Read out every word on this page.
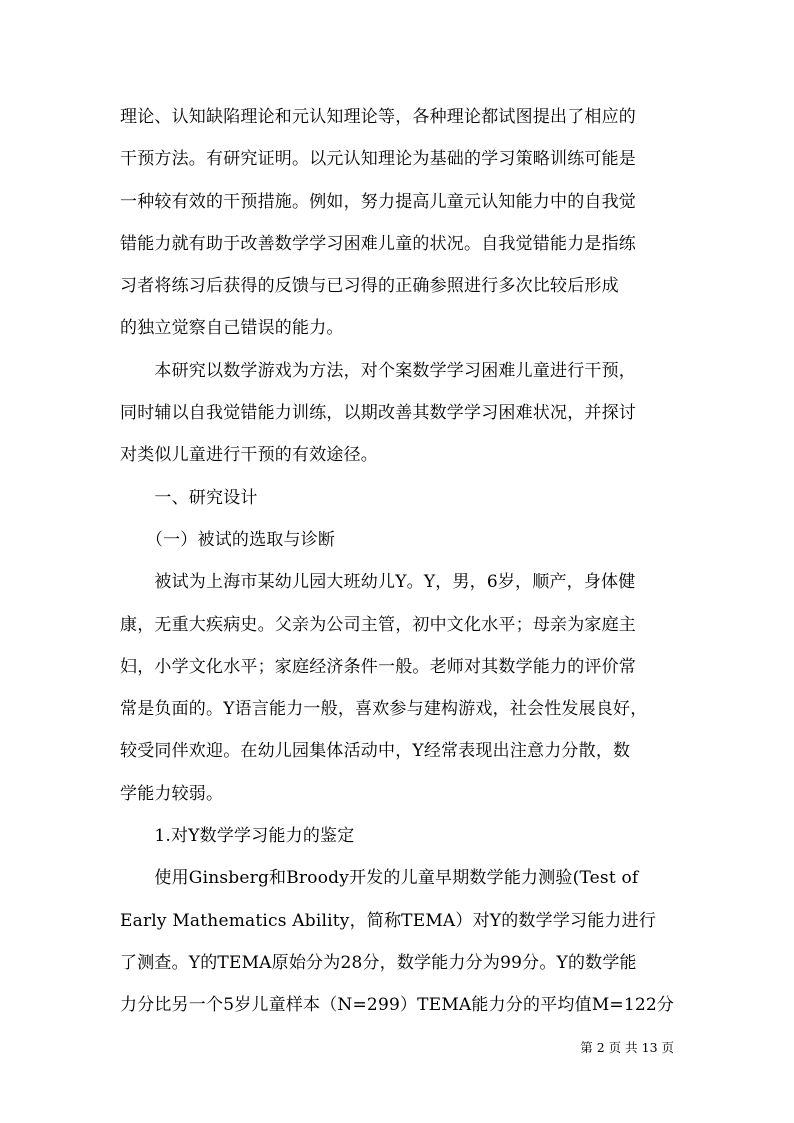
理论、认知缺陷理论和元认知理论等，各种理论都试图提出了相应的
干预方法。有研究证明。以元认知理论为基础的学习策略训练可能是
一种较有效的干预措施。例如，努力提高儿童元认知能力中的自我觉
错能力就有助于改善数学学习困难儿童的状况。自我觉错能力是指练
习者将练习后获得的反馈与已习得的正确参照进行多次比较后形成
的独立觉察自己错误的能力。
　　本研究以数学游戏为方法，对个案数学学习困难儿童进行干预，
同时辅以自我觉错能力训练，以期改善其数学学习困难状况，并探讨
对类似儿童进行干预的有效途径。
　　一、研究设计
　　（一）被试的选取与诊断
　　被试为上海市某幼儿园大班幼儿Y。Y，男，6岁，顺产，身体健
康，无重大疾病史。父亲为公司主管，初中文化水平；母亲为家庭主
妇，小学文化水平；家庭经济条件一般。老师对其数学能力的评价常
常是负面的。Y语言能力一般，喜欢参与建构游戏，社会性发展良好，
较受同伴欢迎。在幼儿园集体活动中，Y经常表现出注意力分散，数
学能力较弱。
　　1.对Y数学学习能力的鉴定
　　使用Ginsberg和Broody开发的儿童早期数学能力测验(Test of
Early Mathematics Ability，简称TEMA）对Y的数学学习能力进行
了测查。Y的TEMA原始分为28分，数学能力分为99分。Y的数学能
力分比另一个5岁儿童样本（N=299）TEMA能力分的平均值M=122分
第 2 页 共 13 页
